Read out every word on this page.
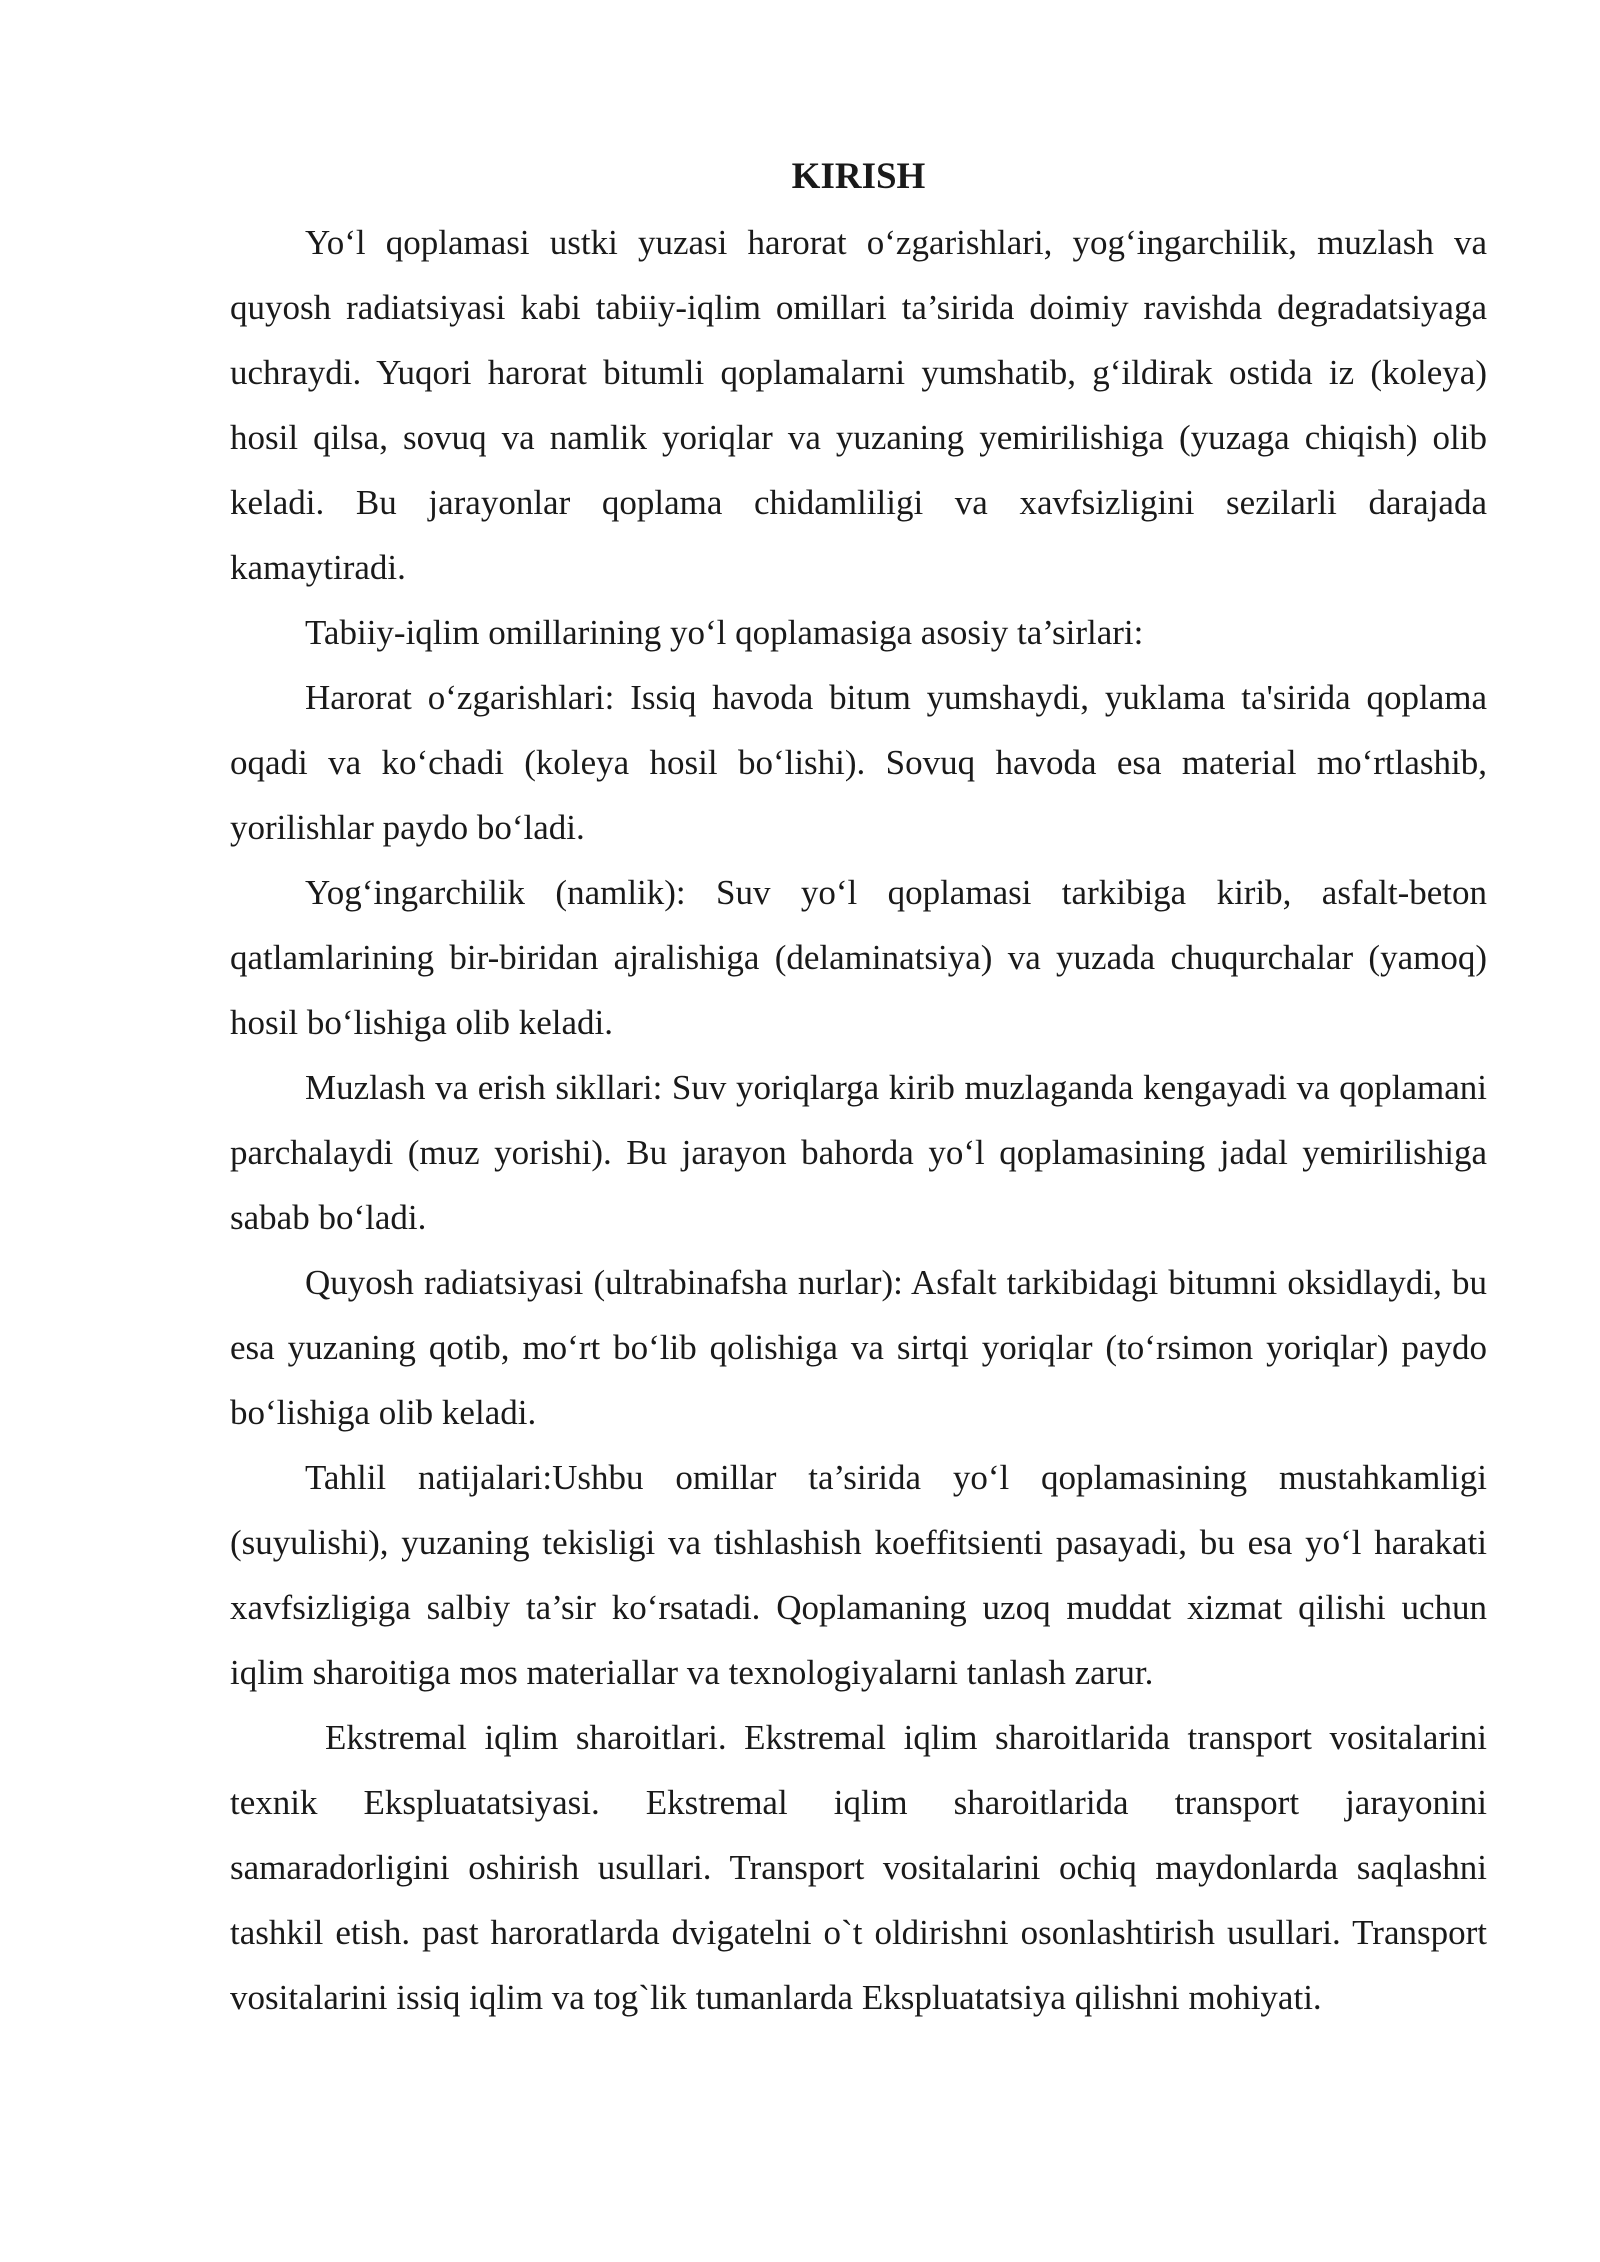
KIRISH

Yo‘l qoplamasi ustki yuzasi harorat o‘zgarishlari, yog‘ingarchilik, muzlash va quyosh radiatsiyasi kabi tabiiy-iqlim omillari ta’sirida doimiy ravishda degradatsiyaga uchraydi. Yuqori harorat bitumli qoplamalarni yumshatib, g‘ildirak ostida iz (koleya) hosil qilsa, sovuq va namlik yoriqlar va yuzaning yemirilishiga (yuzaga chiqish) olib keladi. Bu jarayonlar qoplama chidamliligi va xavfsizligini sezilarli darajada kamaytiradi.

Tabiiy-iqlim omillarining yo‘l qoplamasiga asosiy ta’sirlari:

Harorat o‘zgarishlari: Issiq havoda bitum yumshaydi, yuklama ta'sirida qoplama oqadi va ko‘chadi (koleya hosil bo‘lishi). Sovuq havoda esa material mo‘rtlashib, yorilishlar paydo bo‘ladi.

Yog‘ingarchilik (namlik): Suv yo‘l qoplamasi tarkibiga kirib, asfalt-beton qatlamlarining bir-biridan ajralishiga (delaminatsiya) va yuzada chuqurchalar (yamoq) hosil bo‘lishiga olib keladi.

Muzlash va erish sikllari: Suv yoriqlarga kirib muzlaganda kengayadi va qoplamani parchalaydi (muz yorishi). Bu jarayon bahorda yo‘l qoplamasining jadal yemirilishiga sabab bo‘ladi.

Quyosh radiatsiyasi (ultrabinafsha nurlar): Asfalt tarkibidagi bitumni oksidlaydi, bu esa yuzaning qotib, mo‘rt bo‘lib qolishiga va sirtqi yoriqlar (to‘rsimon yoriqlar) paydo bo‘lishiga olib keladi.

Tahlil natijalari:Ushbu omillar ta’sirida yo‘l qoplamasining mustahkamligi (suyulishi), yuzaning tekisligi va tishlashish koeffitsienti pasayadi, bu esa yo‘l harakati xavfsizligiga salbiy ta’sir ko‘rsatadi. Qoplamaning uzoq muddat xizmat qilishi uchun iqlim sharoitiga mos materiallar va texnologiyalarni tanlash zarur.

Ekstremal iqlim sharoitlari. Ekstremal iqlim sharoitlarida transport vositalarini texnik Ekspluatatsiyasi. Ekstremal iqlim sharoitlarida transport jarayonini samaradorligini oshirish usullari. Transport vositalarini ochiq maydonlarda saqlashni tashkil etish. past haroratlarda dvigatelni o`t oldirishni osonlashtirish usullari. Transport vositalarini issiq iqlim va tog`lik tumanlarda Ekspluatatsiya qilishni mohiyati.
